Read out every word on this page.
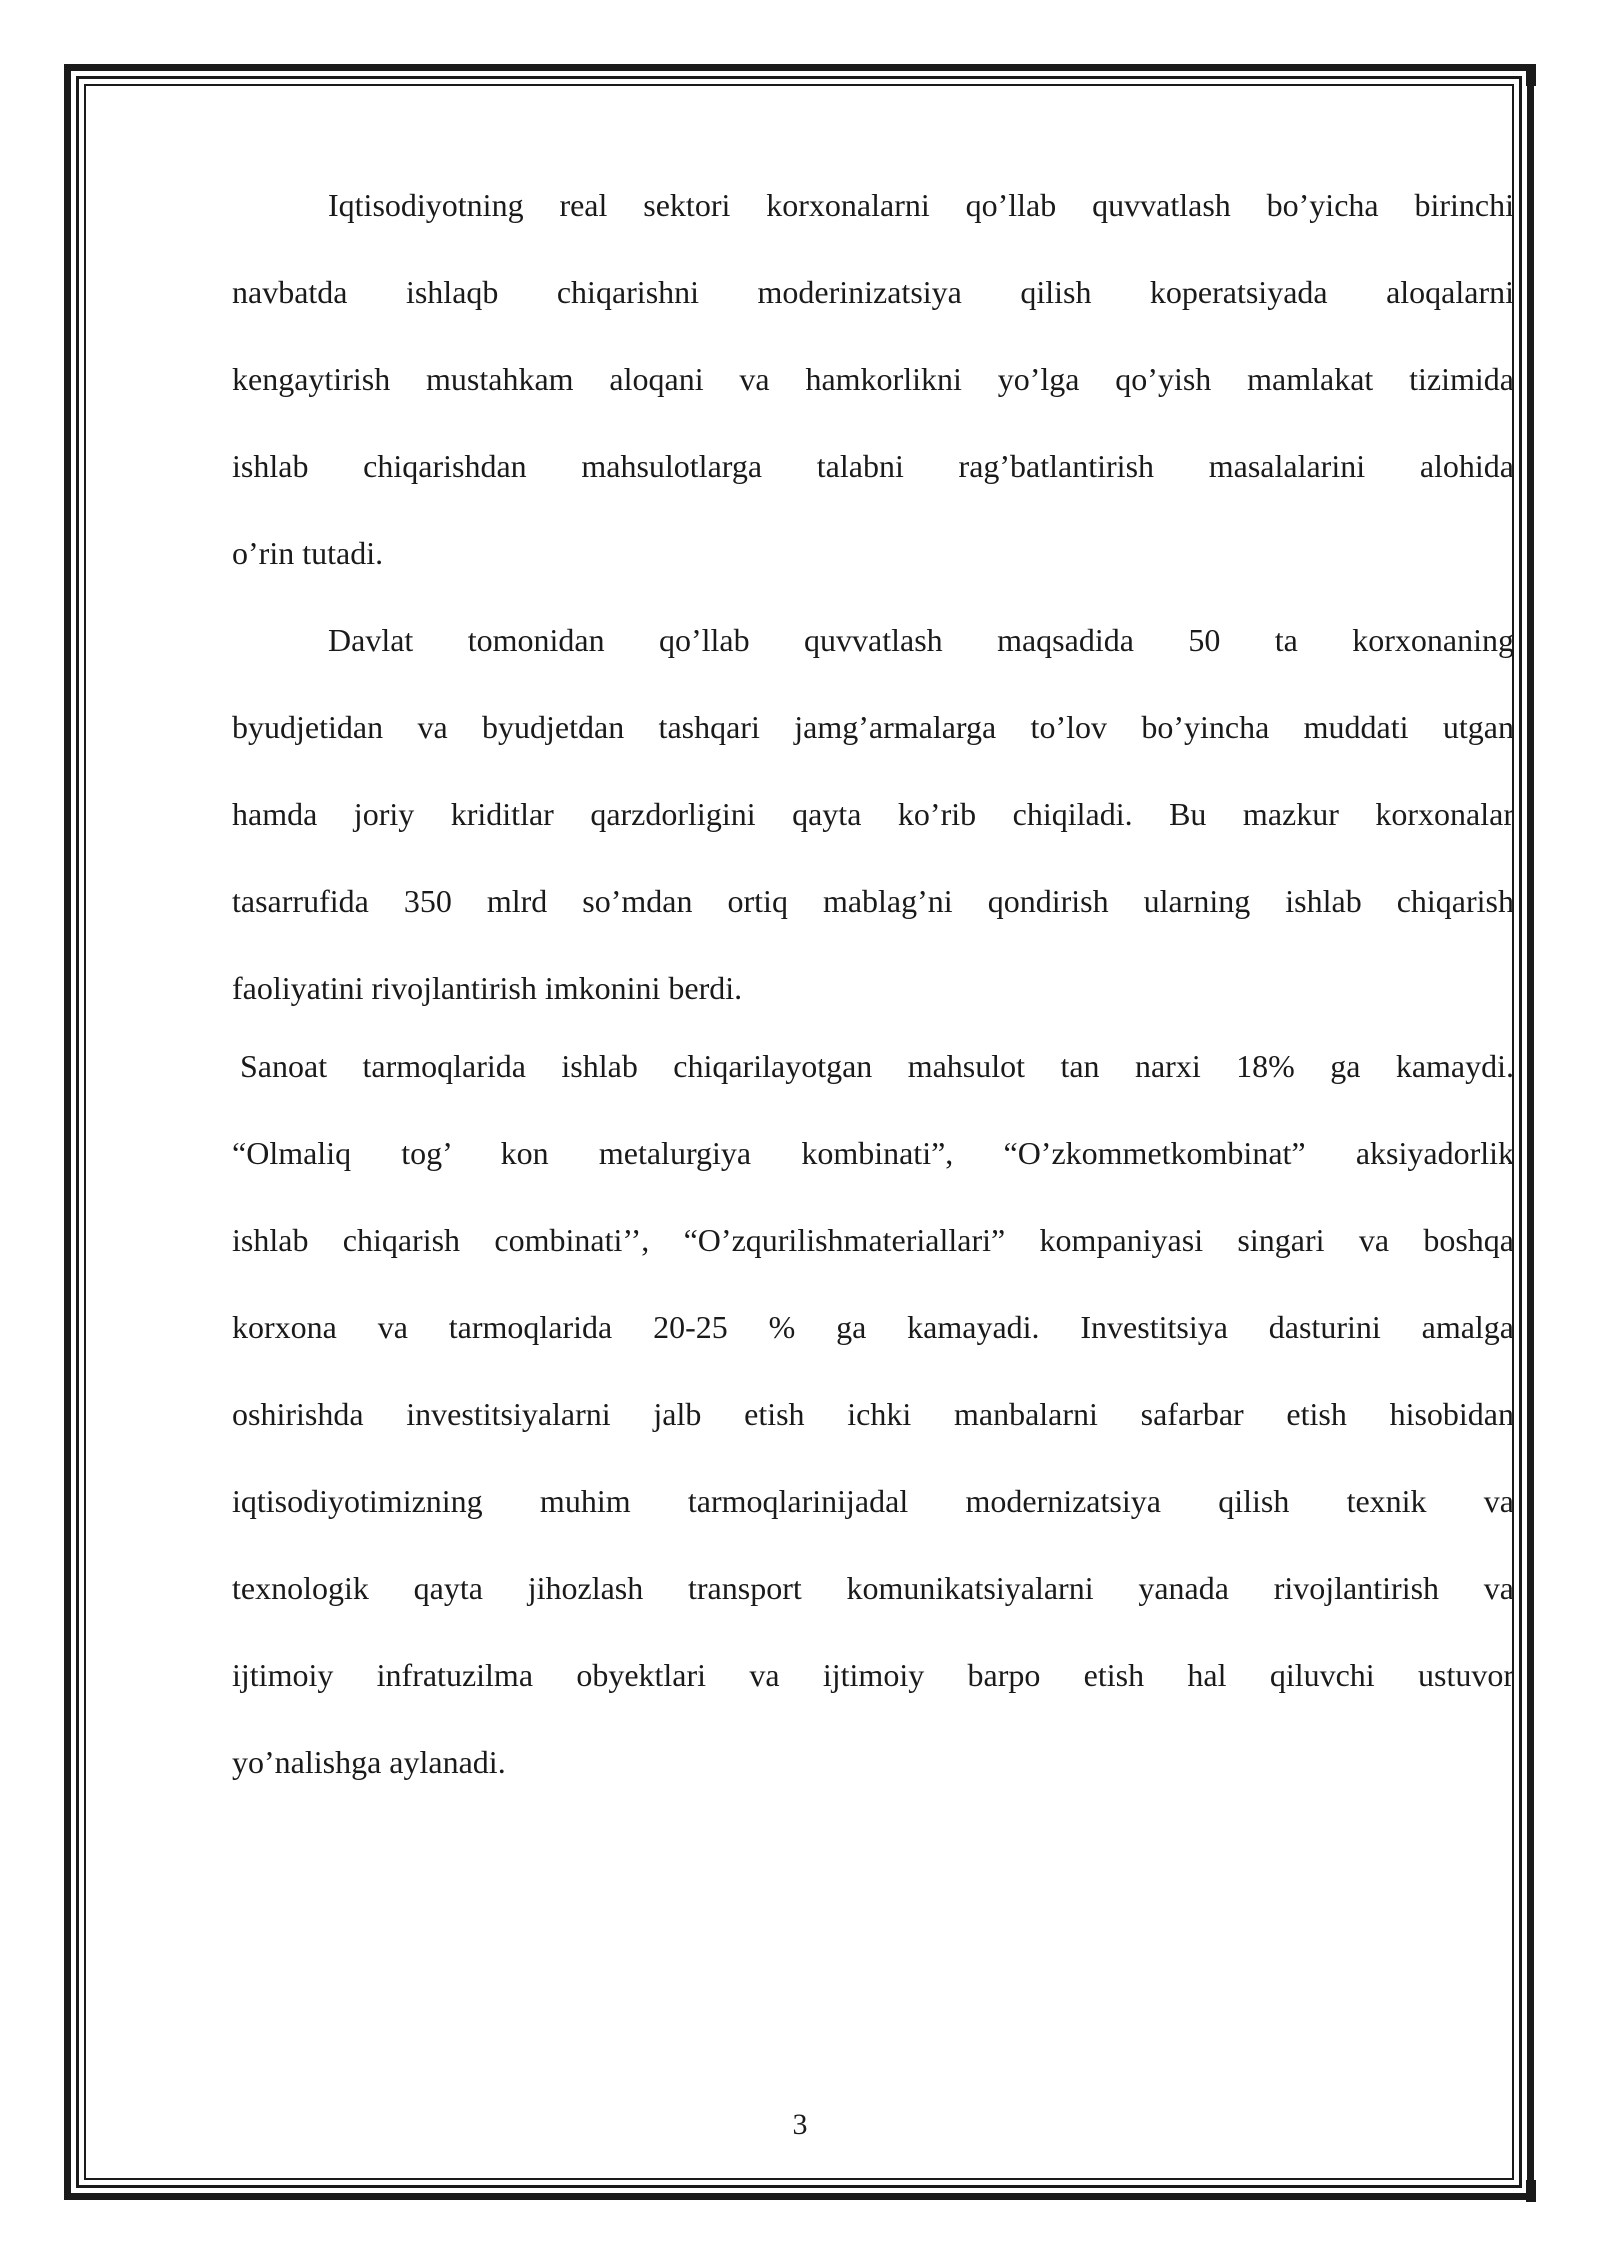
Iqtisodiyotning real sektori korxonalarni qo’llab quvvatlash bo’yicha birinchi
navbatda ishlaqb chiqarishni moderinizatsiya qilish koperatsiyada aloqalarni
kengaytirish mustahkam aloqani va hamkorlikni yo’lga qo’yish mamlakat tizimida
ishlab chiqarishdan mahsulotlarga talabni rag’batlantirish masalalarini alohida
o’rin tutadi.
Davlat tomonidan qo’llab quvvatlash maqsadida 50 ta korxonaning
byudjetidan va byudjetdan tashqari jamg’armalarga to’lov bo’yincha muddati utgan
hamda joriy kriditlar qarzdorligini qayta ko’rib chiqiladi. Bu mazkur korxonalar
tasarrufida 350 mlrd so’mdan ortiq mablag’ni qondirish ularning ishlab chiqarish
faoliyatini rivojlantirish imkonini berdi.
Sanoat tarmoqlarida ishlab chiqarilayotgan mahsulot tan narxi 18% ga kamaydi.
“Olmaliq tog’ kon metalurgiya kombinati”, “O’zkommetkombinat” aksiyadorlik
ishlab chiqarish combinati’’, “O’zqurilishmateriallari” kompaniyasi singari va boshqa
korxona va tarmoqlarida 20-25 % ga kamayadi. Investitsiya dasturini amalga
oshirishda investitsiyalarni jalb etish ichki manbalarni safarbar etish hisobidan
iqtisodiyotimizning muhim tarmoqlarinijadal modernizatsiya qilish texnik va
texnologik qayta jihozlash transport komunikatsiyalarni yanada rivojlantirish va
ijtimoiy infratuzilma obyektlari va ijtimoiy barpo etish hal qiluvchi ustuvor
yo’nalishga aylanadi.
3
